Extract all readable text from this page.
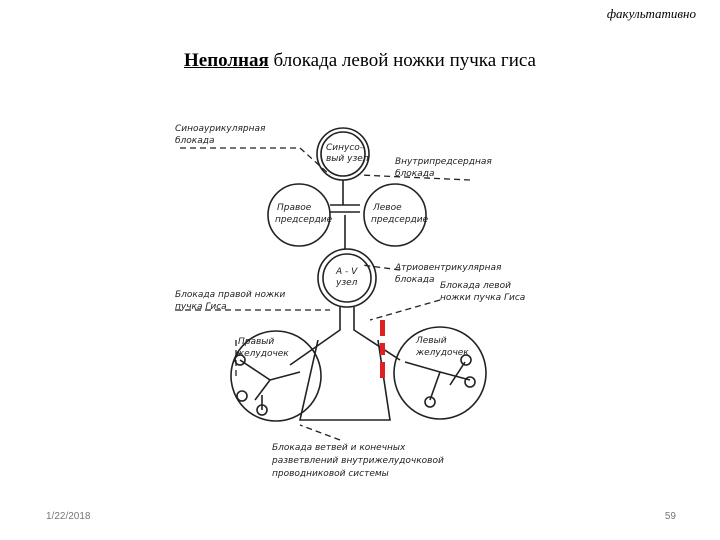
факультативно
Неполная блокада левой ножки пучка гиса
Синоаурикулярная
блокада
Синусо-
вый узел	Внутрипредсердная
блокада
Правое
предсердие
Левое
предсердие
А - V
узел
Атриовентрикулярная
блокада
Блокада правой ножки
пучка Гиса
Блокада левой
ножки пучка Гиса
Правый
желудочек
Левый
желудочек
Блокада ветвей и конечных
разветвлений внутрижелудочковой
проводниковой системы
1/22/2018	59
